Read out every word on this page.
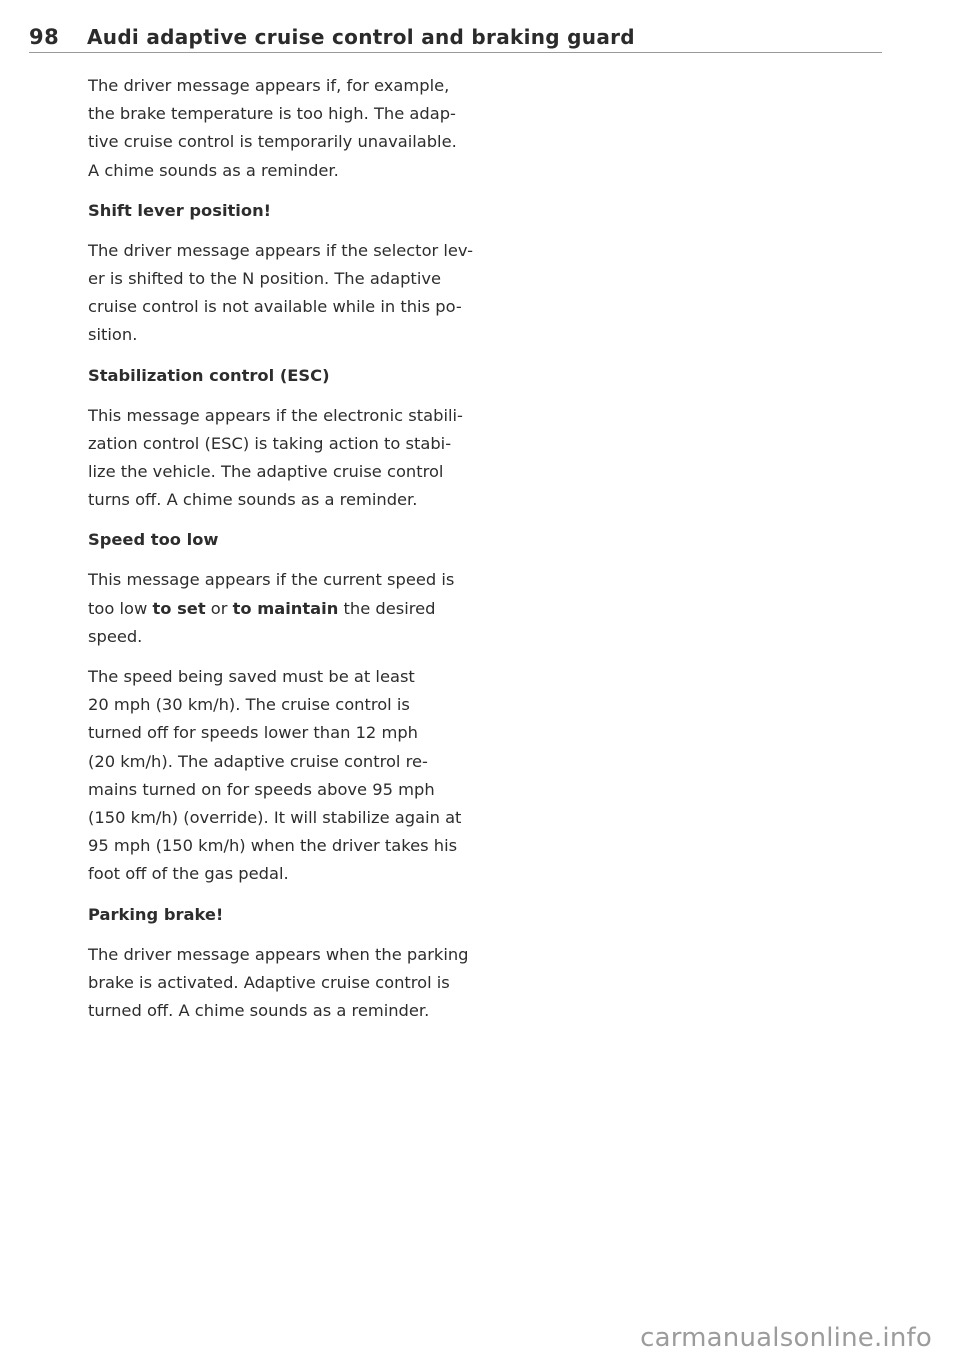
98 Audi adaptive cruise control and braking guard

The driver message appears if, for example,
the brake temperature is too high. The adap-
tive cruise control is temporarily unavailable.
A chime sounds as a reminder.

Shift lever position!

The driver message appears if the selector lev-
er is shifted to the N position. The adaptive
cruise control is not available while in this po-
sition.

Stabilization control (ESC)

This message appears if the electronic stabili-
zation control (ESC) is taking action to stabi-
lize the vehicle. The adaptive cruise control
turns off. A chime sounds as a reminder.

Speed too low

This message appears if the current speed is
too low to set or to maintain the desired
speed.

The speed being saved must be at least
20 mph (30 km/h). The cruise control is
turned off for speeds lower than 12 mph
(20 km/h). The adaptive cruise control re-
mains turned on for speeds above 95 mph
(150 km/h) (override). It will stabilize again at
95 mph (150 km/h) when the driver takes his
foot off of the gas pedal.

Parking brake!

The driver message appears when the parking
brake is activated. Adaptive cruise control is
turned off. A chime sounds as a reminder.

carmanualsonline.info
